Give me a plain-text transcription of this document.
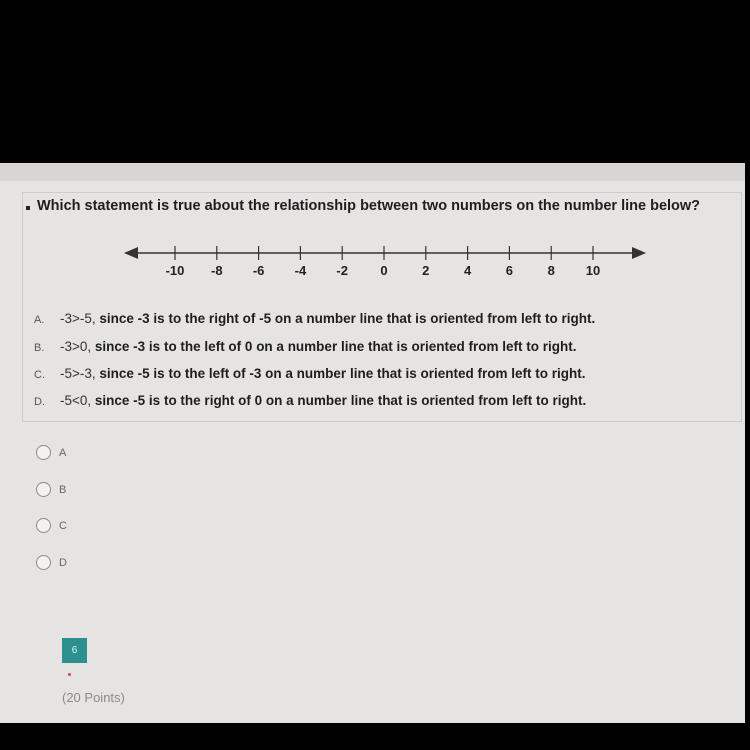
Which statement is true about the relationship between two numbers on the number line below?
-10 -8 -6 -4 -2 0	2	4	6	8 10
A. -3>-5, since -3 is to the right of -5 on a number line that is oriented from left to right.
B. -3>0, since -3 is to the left of 0 on a number line that is oriented from left to right.
C. -5>-3, since -5 is to the left of -3 on a number line that is oriented from left to right.
D. -5<0, since -5 is to the right of 0 on a number line that is oriented from left to right.
A
B
C
D
6
(20 Points)
